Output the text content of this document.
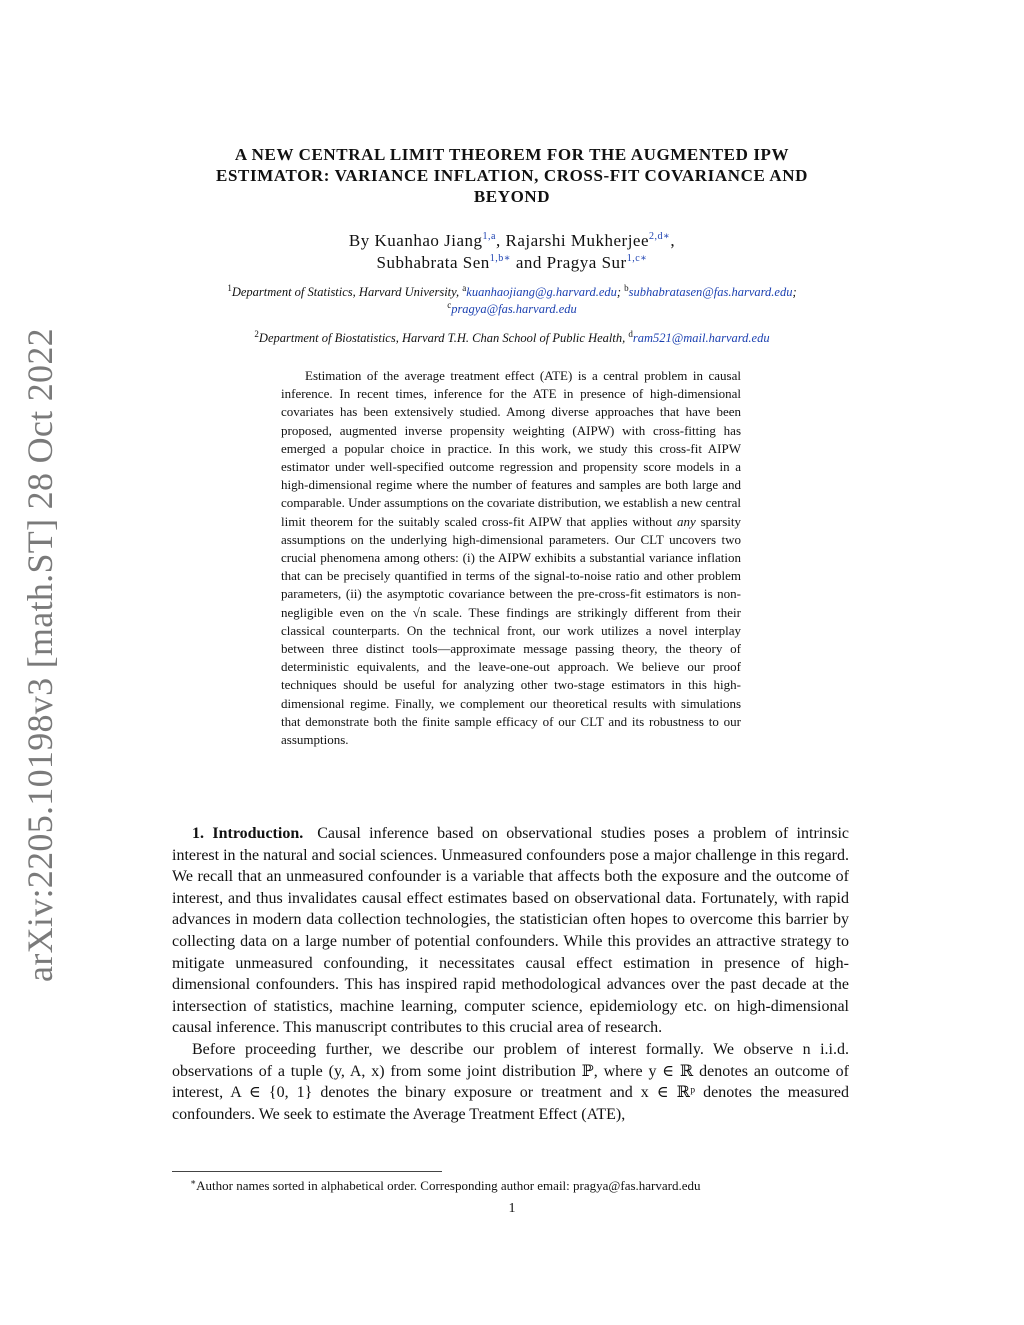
arXiv:2205.10198v3 [math.ST] 28 Oct 2022
A NEW CENTRAL LIMIT THEOREM FOR THE AUGMENTED IPW
ESTIMATOR: VARIANCE INFLATION, CROSS-FIT COVARIANCE AND
BEYOND
By Kuanhao Jiang$^{1,a}$, Rajarshi Mukherjee$^{2,d∗}$,
Subhabrata Sen$^{1,b∗}$ and Pragya Sur$^{1,c∗}$
$^1$Department of Statistics, Harvard University, $^a$kuanhaojiang@g.harvard.edu; $^b$subhabratasen@fas.harvard.edu;
$^c$pragya@fas.harvard.edu
$^2$Department of Biostatistics, Harvard T.H. Chan School of Public Health, $^d$ram521@mail.harvard.edu

Estimation of the average treatment effect (ATE) is a central problem in causal inference. In recent times, inference for the ATE in presence of high-dimensional covariates has been extensively studied. Among diverse approaches that have been proposed, augmented inverse propensity weighting (AIPW) with cross-fitting has emerged a popular choice in practice. In this work, we study this cross-fit AIPW estimator under well-specified outcome regression and propensity score models in a high-dimensional regime where the number of features and samples are both large and comparable. Under assumptions on the covariate distribution, we establish a new central limit theorem for the suitably scaled cross-fit AIPW that applies without any sparsity assumptions on the underlying high-dimensional parameters. Our CLT uncovers two crucial phenomena among others: (i) the AIPW exhibits a substantial variance inflation that can be precisely quantified in terms of the signal-to-noise ratio and other problem parameters, (ii) the asymptotic covariance between the pre-cross-fit estimators is non-negligible even on the √n scale. These findings are strikingly different from their classical counterparts. On the technical front, our work utilizes a novel interplay between three distinct tools—approximate message passing theory, the theory of deterministic equivalents, and the leave-one-out approach. We believe our proof techniques should be useful for analyzing other two-stage estimators in this high-dimensional regime. Finally, we complement our theoretical results with simulations that demonstrate both the finite sample efficacy of our CLT and its robustness to our assumptions.

1. Introduction. Causal inference based on observational studies poses a problem of intrinsic interest in the natural and social sciences. Unmeasured confounders pose a major challenge in this regard. We recall that an unmeasured confounder is a variable that affects both the exposure and the outcome of interest, and thus invalidates causal effect estimates based on observational data. Fortunately, with rapid advances in modern data collection technologies, the statistician often hopes to overcome this barrier by collecting data on a large number of potential confounders. While this provides an attractive strategy to mitigate unmeasured confounding, it necessitates causal effect estimation in presence of high-dimensional confounders. This has inspired rapid methodological advances over the past decade at the intersection of statistics, machine learning, computer science, epidemiology etc. on high-dimensional causal inference. This manuscript contributes to this crucial area of research.

Before proceeding further, we describe our problem of interest formally. We observe n i.i.d. observations of a tuple (y, A, x) from some joint distribution ℙ, where y ∈ ℝ denotes an outcome of interest, A ∈ {0, 1} denotes the binary exposure or treatment and x ∈ ℝᵖ denotes the measured confounders. We seek to estimate the Average Treatment Effect (ATE),

∗Author names sorted in alphabetical order. Corresponding author email: pragya@fas.harvard.edu
1
